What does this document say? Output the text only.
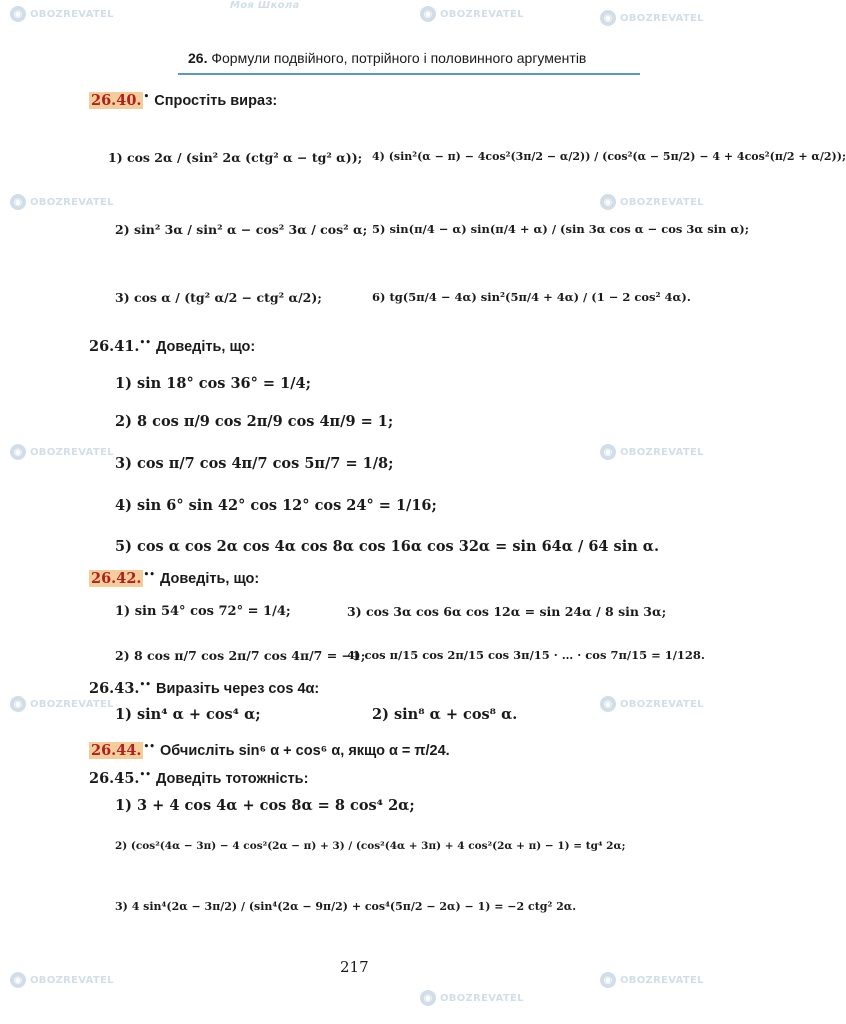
◉ OBOZREVATEL
Моя Школа
◉ OBOZREVATEL	◉ OBOZREVATEL
◉ OBOZREVATEL	◉ OBOZREVATEL
◉ OBOZREVATEL	◉ OBOZREVATEL
◉ OBOZREVATEL	◉ OBOZREVATEL
◉ OBOZREVATEL
◉ OBOZREVATEL
◉ OBOZREVATEL
26. Формули подвійного, потрійного і половинного аргументів
26.40. • Спростіть вираз:
1) cos 2α / (sin² 2α (ctg² α − tg² α)); 4) (sin²(α − π) − 4cos²(3π/2 − α/2)) / (cos²(α − 5π/2) − 4 + 4cos²(π/2 + α/2));
2) sin² 3α / sin² α − cos² 3α / cos² α; 5) sin(π/4 − α) sin(π/4 + α) / (sin 3α cos α − cos 3α sin α);
3) cos α / (tg² α/2 − ctg² α/2);	6) tg(5π/4 − 4α) sin²(5π/4 + 4α) / (1 − 2 cos² 4α).
26.41.•• Доведіть, що:
1) sin 18° cos 36° = 1/4;
2) 8 cos π/9 cos 2π/9 cos 4π/9 = 1;
3) cos π/7 cos 4π/7 cos 5π/7 = 1/8;
4) sin 6° sin 42° cos 12° cos 24° = 1/16;
5) cos α cos 2α cos 4α cos 8α cos 16α cos 32α = sin 64α / 64 sin α.
26.42. •• Доведіть, що:
1) sin 54° cos 72° = 1/4;	3) cos 3α cos 6α cos 12α = sin 24α / 8 sin 3α;
2) 8 cos π/7 cos 2π/7 cos 4π/7 = −1;
4) cos π/15 cos 2π/15 cos 3π/15 · … · cos 7π/15 = 1/128.
26.43.•• Виразіть через cos 4α:
1) sin⁴ α + cos⁴ α;	2) sin⁸ α + cos⁸ α.
26.44. •• Обчисліть sin⁶ α + cos⁶ α, якщо α = π/24.
26.45.•• Доведіть тотожність:
1) 3 + 4 cos 4α + cos 8α = 8 cos⁴ 2α;
2) (cos²(4α − 3π) − 4 cos²(2α − π) + 3) / (cos²(4α + 3π) + 4 cos²(2α + π) − 1) = tg⁴ 2α;
3) 4 sin⁴(2α − 3π/2) / (sin⁴(2α − 9π/2) + cos⁴(5π/2 − 2α) − 1) = −2 ctg² 2α.
217
